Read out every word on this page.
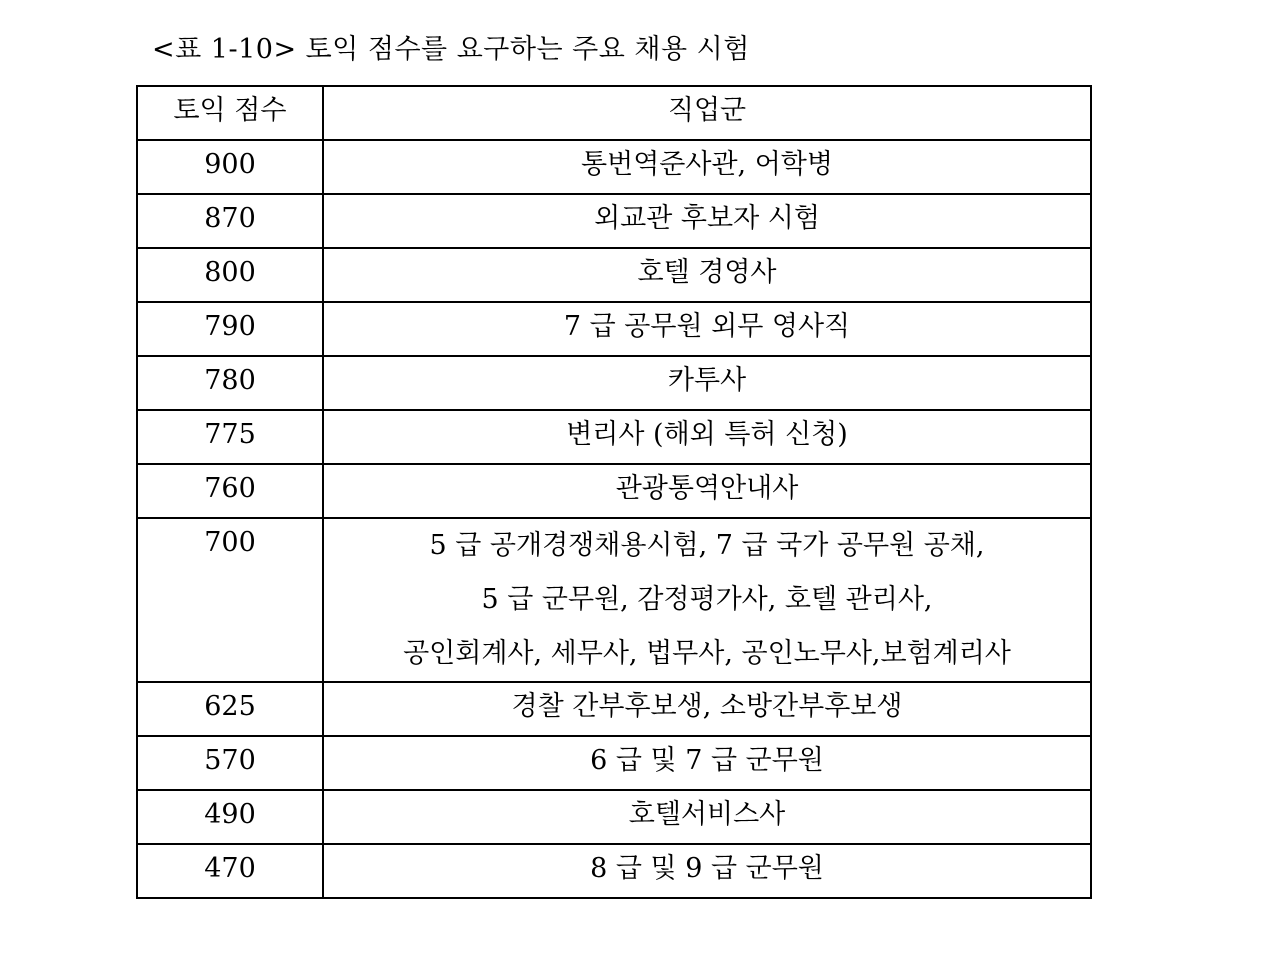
<표 1-10> 토익 점수를 요구하는 주요 채용 시험
토익 점수	직업군

900	통번역준사관, 어학병

870	외교관 후보자 시험

800	호텔 경영사

790	7 급 공무원 외무 영사직

780	카투사

775	변리사 (해외 특허 신청)

760	관광통역안내사

700	5 급 공개경쟁채용시험, 7 급 국가 공무원 공채,
5 급 군무원, 감정평가사, 호텔 관리사,
공인회계사, 세무사, 법무사, 공인노무사,보험계리사

625	경찰 간부후보생, 소방간부후보생

570	6 급 및 7 급 군무원

490	호텔서비스사

470	8 급 및 9 급 군무원
